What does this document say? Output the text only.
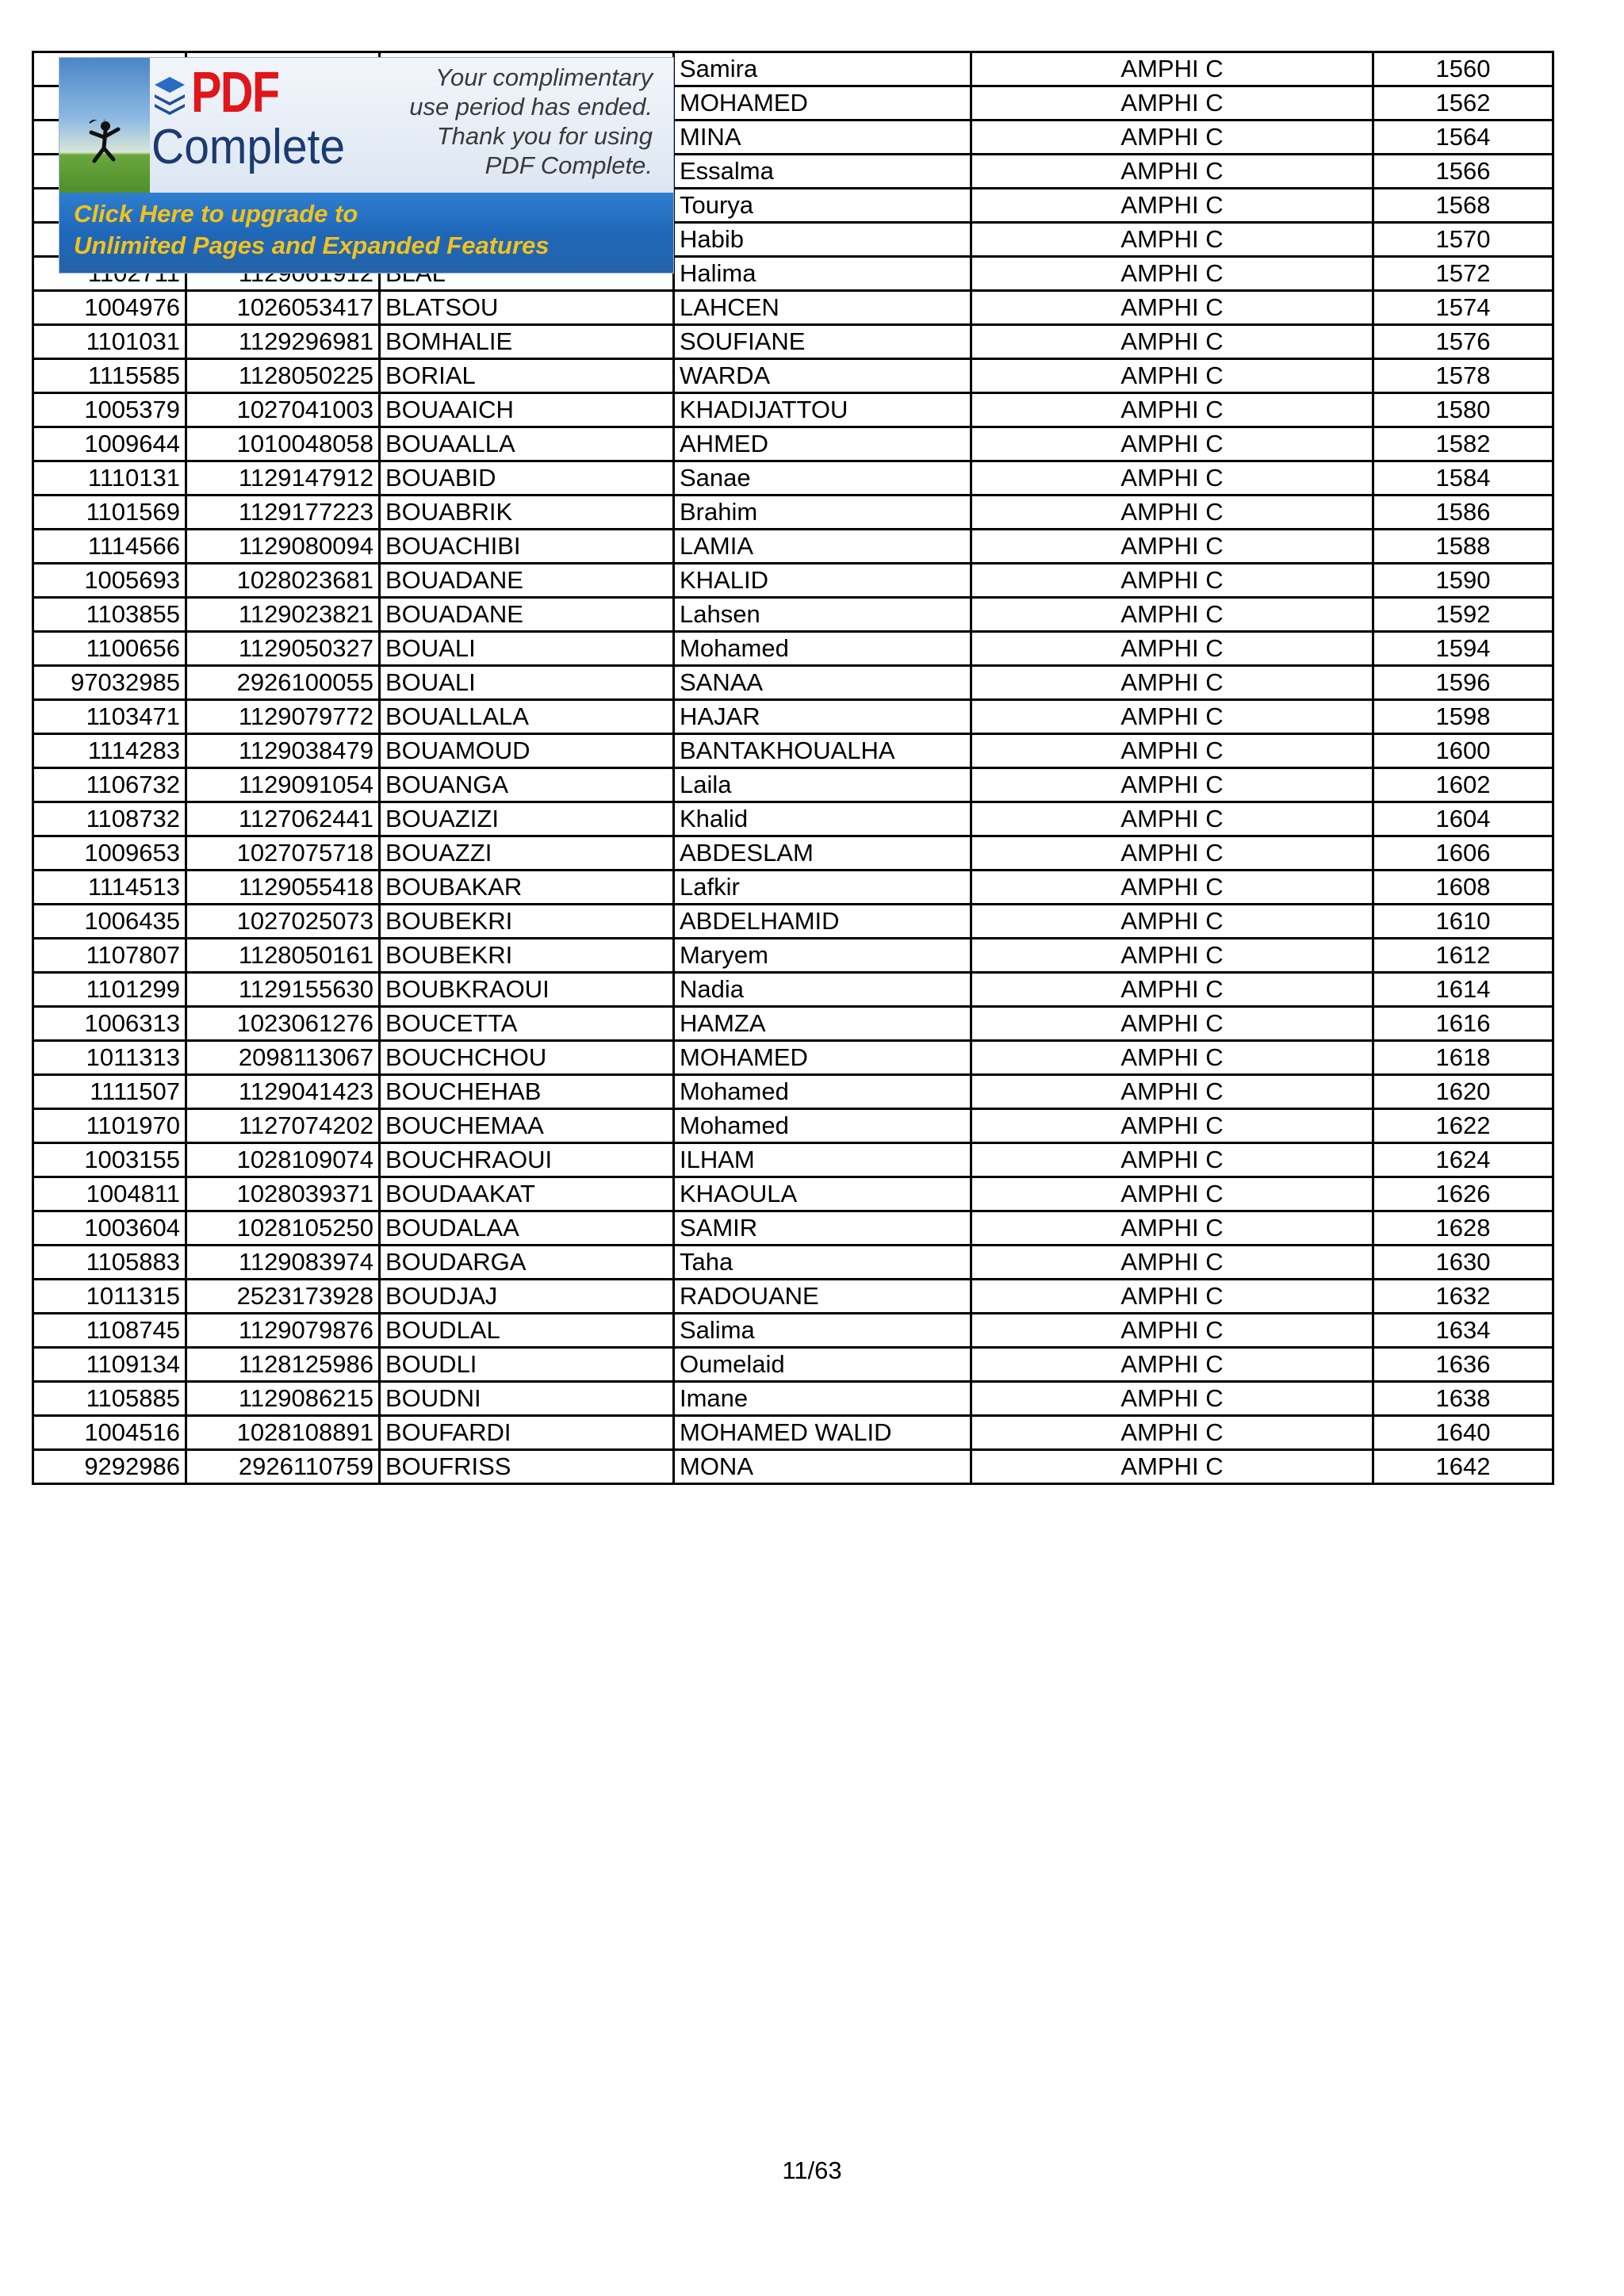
			Samira	AMPHI C	1560
			MOHAMED	AMPHI C	1562
			MINA	AMPHI C	1564
			Essalma	AMPHI C	1566
			Tourya	AMPHI C	1568
			Habib	AMPHI C	1570
			Halima	AMPHI C	1572
1004976	1026053417	BLATSOU	LAHCEN	AMPHI C	1574
1101031	1129296981	BOMHALIE	SOUFIANE	AMPHI C	1576
1115585	1128050225	BORIAL	WARDA	AMPHI C	1578
1005379	1027041003	BOUAAICH	KHADIJATTOU	AMPHI C	1580
1009644	1010048058	BOUAALLA	AHMED	AMPHI C	1582
1110131	1129147912	BOUABID	Sanae	AMPHI C	1584
1101569	1129177223	BOUABRIK	Brahim	AMPHI C	1586
1114566	1129080094	BOUACHIBI	LAMIA	AMPHI C	1588
1005693	1028023681	BOUADANE	KHALID	AMPHI C	1590
1103855	1129023821	BOUADANE	Lahsen	AMPHI C	1592
1100656	1129050327	BOUALI	Mohamed	AMPHI C	1594
97032985	2926100055	BOUALI	SANAA	AMPHI C	1596
1103471	1129079772	BOUALLALA	HAJAR	AMPHI C	1598
1114283	1129038479	BOUAMOUD	BANTAKHOUALHA	AMPHI C	1600
1106732	1129091054	BOUANGA	Laila	AMPHI C	1602
1108732	1127062441	BOUAZIZI	Khalid	AMPHI C	1604
1009653	1027075718	BOUAZZI	ABDESLAM	AMPHI C	1606
1114513	1129055418	BOUBAKAR	Lafkir	AMPHI C	1608
1006435	1027025073	BOUBEKRI	ABDELHAMID	AMPHI C	1610
1107807	1128050161	BOUBEKRI	Maryem	AMPHI C	1612
1101299	1129155630	BOUBKRAOUI	Nadia	AMPHI C	1614
1006313	1023061276	BOUCETTA	HAMZA	AMPHI C	1616
1011313	2098113067	BOUCHCHOU	MOHAMED	AMPHI C	1618
1111507	1129041423	BOUCHEHAB	Mohamed	AMPHI C	1620
1101970	1127074202	BOUCHEMAA	Mohamed	AMPHI C	1622
1003155	1028109074	BOUCHRAOUI	ILHAM	AMPHI C	1624
1004811	1028039371	BOUDAAKAT	KHAOULA	AMPHI C	1626
1003604	1028105250	BOUDALAA	SAMIR	AMPHI C	1628
1105883	1129083974	BOUDARGA	Taha	AMPHI C	1630
1011315	2523173928	BOUDJAJ	RADOUANE	AMPHI C	1632
1108745	1129079876	BOUDLAL	Salima	AMPHI C	1634
1109134	1128125986	BOUDLI	Oumelaid	AMPHI C	1636
1105885	1129086215	BOUDNI	Imane	AMPHI C	1638
1004516	1028108891	BOUFARDI	MOHAMED WALID	AMPHI C	1640
9292986	2926110759	BOUFRISS	MONA	AMPHI C	1642
PDF
Complete
Your complimentary
use period has ended.
Thank you for using
PDF Complete.
Click Here to upgrade to
Unlimited Pages and Expanded Features
11/63
